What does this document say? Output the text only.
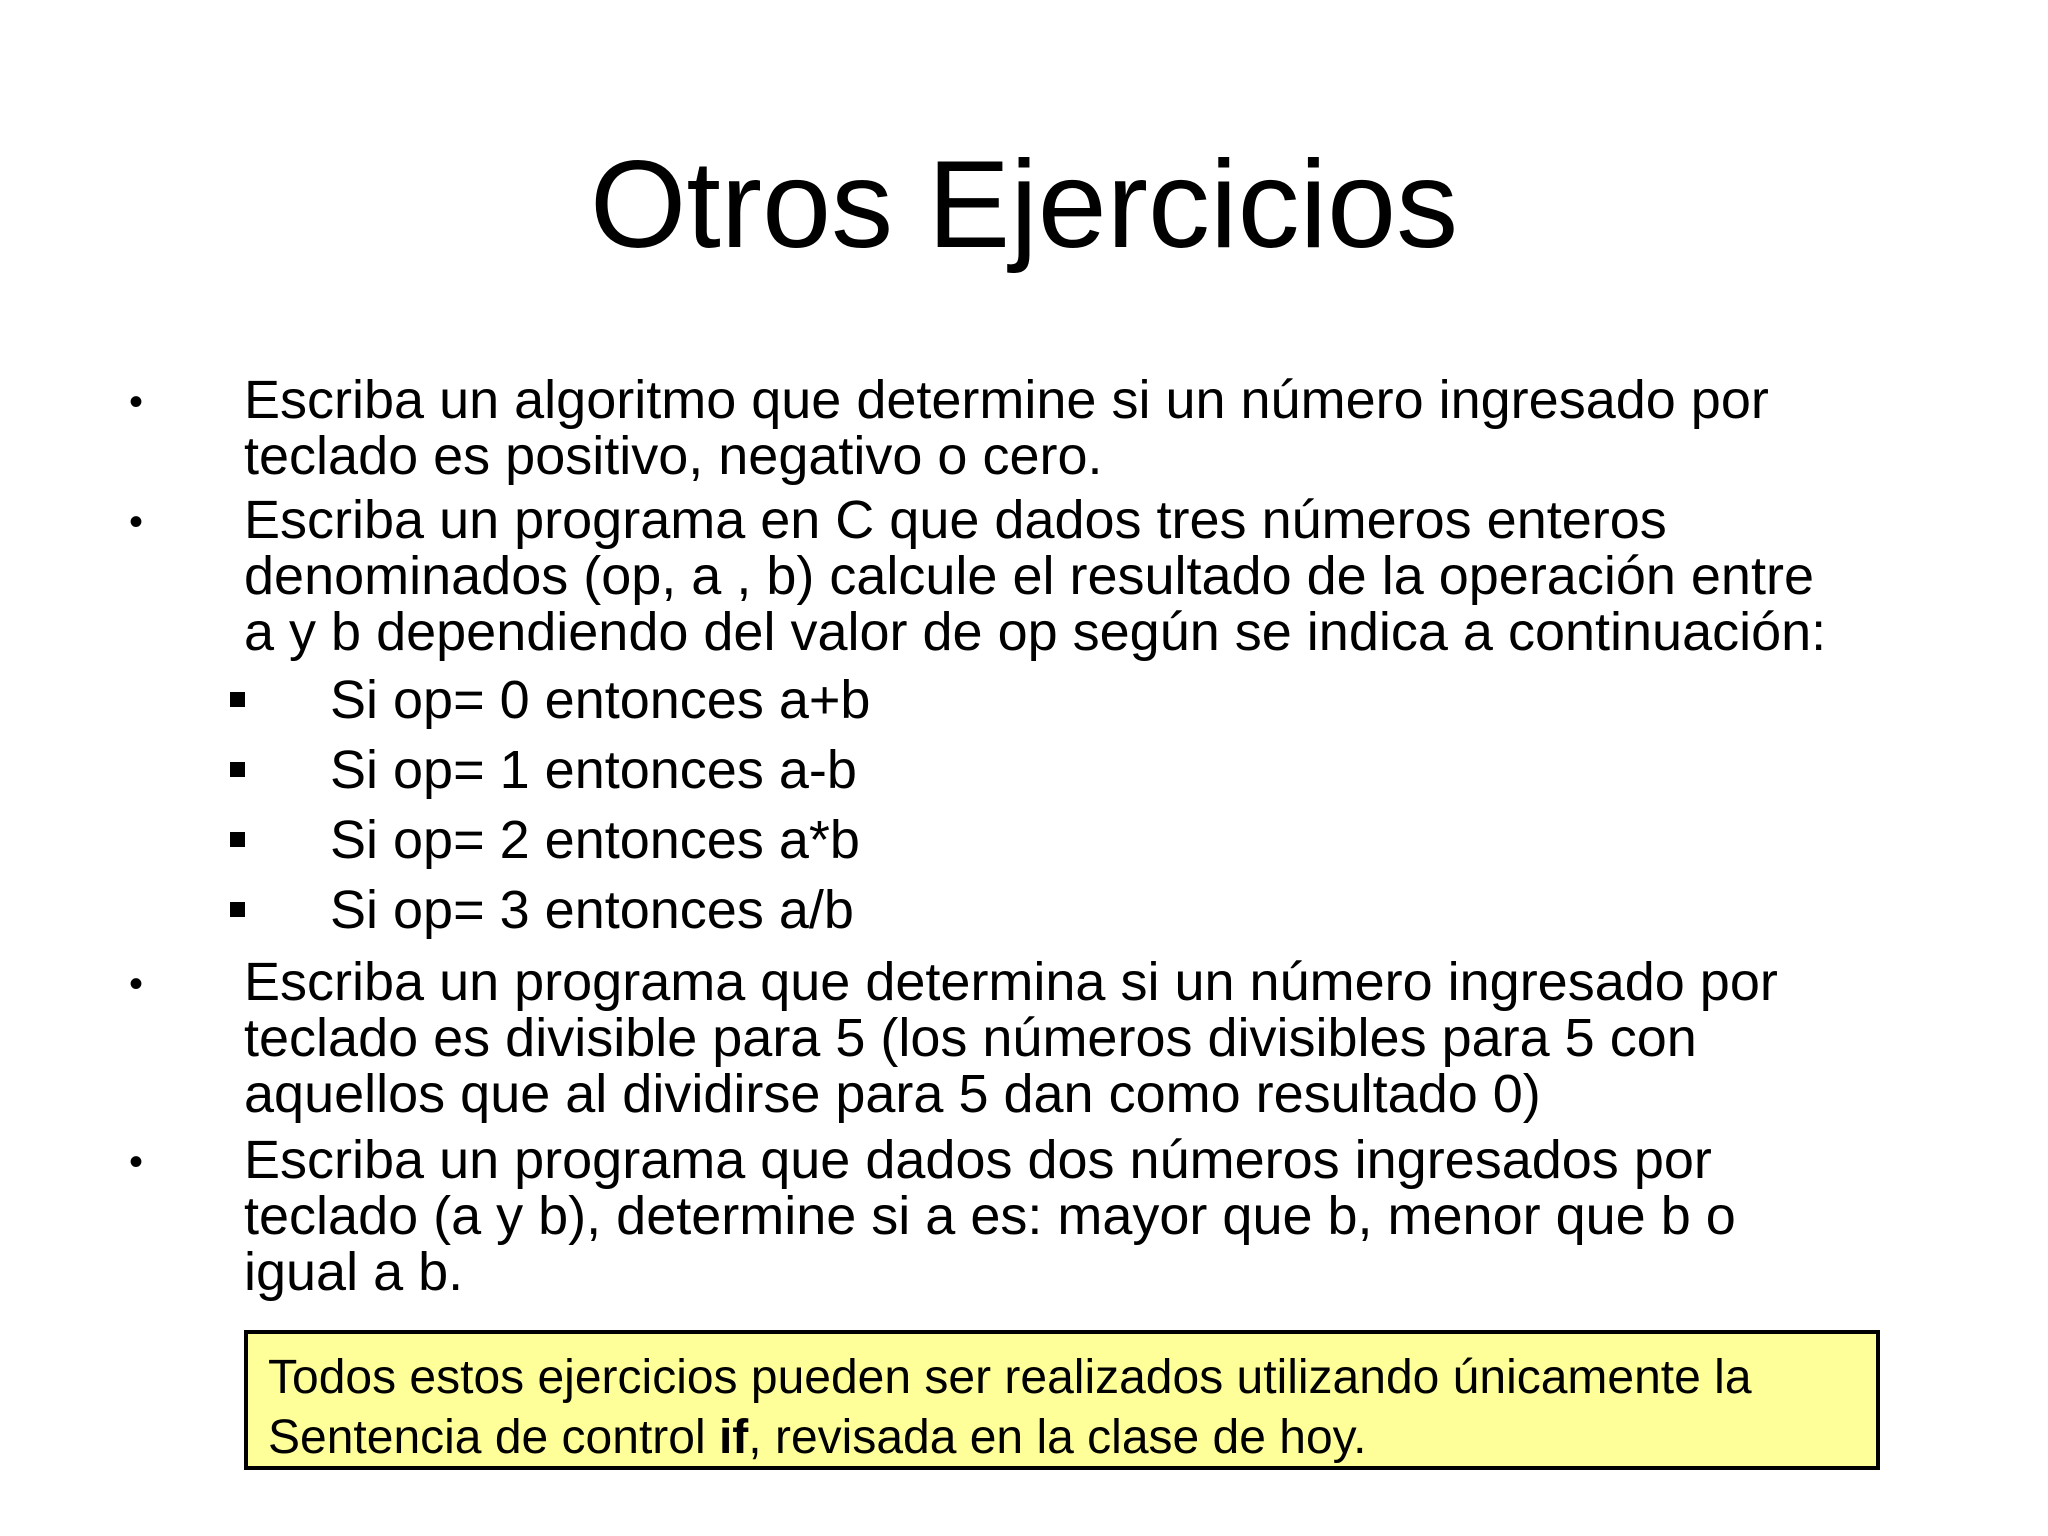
Otros Ejercicios
• Escriba un algoritmo que determine si un número ingresado por
teclado es positivo, negativo o cero.
• Escriba un programa en C que dados tres números enteros
denominados (op, a , b) calcule el resultado de la operación entre
a y b dependiendo del valor de op según se indica a continuación:
Si op= 0 entonces a+b
Si op= 1 entonces a-b
Si op= 2 entonces a*b
Si op= 3 entonces a/b
• Escriba un programa que determina si un número ingresado por
teclado es divisible para 5 (los números divisibles para 5 con
aquellos que al dividirse para 5 dan como resultado 0)
• Escriba un programa que dados dos números ingresados por
teclado (a y b), determine si a es: mayor que b, menor que b o
igual a b.
Todos estos ejercicios pueden ser realizados utilizando únicamente la
Sentencia de control if, revisada en la clase de hoy.
